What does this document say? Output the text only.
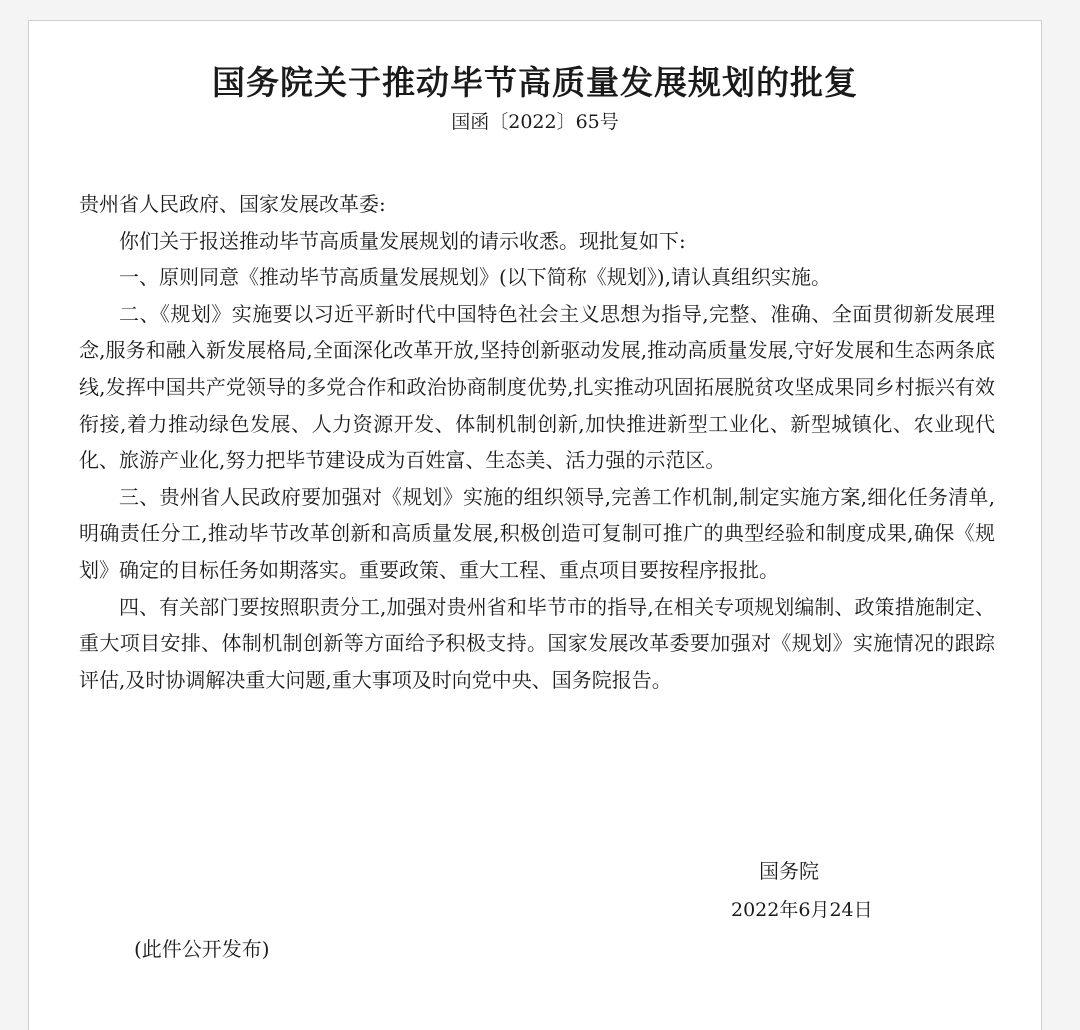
国务院关于推动毕节高质量发展规划的批复
国函〔2022〕65号

贵州省人民政府、国家发展改革委:

你们关于报送推动毕节高质量发展规划的请示收悉。现批复如下:

一、原则同意《推动毕节高质量发展规划》(以下简称《规划》),请认真组织实施。

二、《规划》实施要以习近平新时代中国特色社会主义思想为指导,完整、准确、全面贯彻新发展理念,服务和融入新发展格局,全面深化改革开放,坚持创新驱动发展,推动高质量发展,守好发展和生态两条底线,发挥中国共产党领导的多党合作和政治协商制度优势,扎实推动巩固拓展脱贫攻坚成果同乡村振兴有效衔接,着力推动绿色发展、人力资源开发、体制机制创新,加快推进新型工业化、新型城镇化、农业现代化、旅游产业化,努力把毕节建设成为百姓富、生态美、活力强的示范区。

三、贵州省人民政府要加强对《规划》实施的组织领导,完善工作机制,制定实施方案,细化任务清单,明确责任分工,推动毕节改革创新和高质量发展,积极创造可复制可推广的典型经验和制度成果,确保《规划》确定的目标任务如期落实。重要政策、重大工程、重点项目要按程序报批。

四、有关部门要按照职责分工,加强对贵州省和毕节市的指导,在相关专项规划编制、政策措施制定、重大项目安排、体制机制创新等方面给予积极支持。国家发展改革委要加强对《规划》实施情况的跟踪评估,及时协调解决重大问题,重大事项及时向党中央、国务院报告。

国务院
2022年6月24日
(此件公开发布)
